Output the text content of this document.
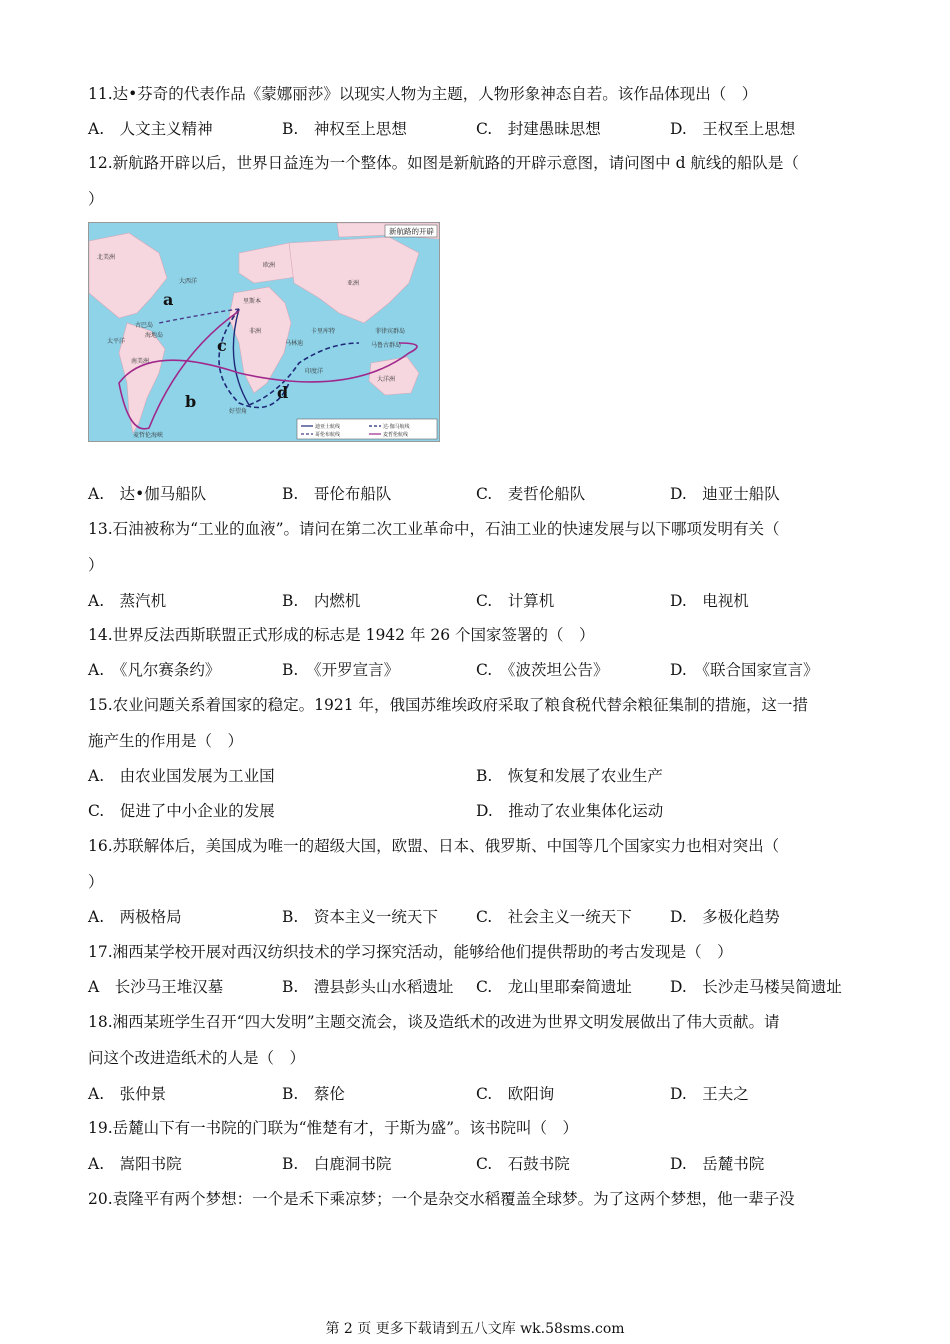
11.达•芬奇的代表作品《蒙娜丽莎》以现实人物为主题，人物形象神态自若。该作品体现出（　）
A.　人文主义精神	B.　神权至上思想	C.　封建愚昧思想	D.　王权至上思想
12.新航路开辟以后，世界日益连为一个整体。如图是新航路的开辟示意图，请问图中 d 航线的船队是（
）
a
b
c
d
北美洲
欧洲
亚洲
非洲
南美洲
大洋洲
大西洋
太平洋
印度洋
古巴岛
海地岛
好望角
马林迪
卡里库特	菲律宾群岛
马鲁古群岛
麦哲伦海峡
里斯本
新航路的开辟
迪亚士航线	达·伽马航线
哥伦布航线	麦哲伦航线
A.　达•伽马船队	B.　哥伦布船队	C.　麦哲伦船队	D.　迪亚士船队
13.石油被称为“工业的血液”。请问在第二次工业革命中，石油工业的快速发展与以下哪项发明有关（
）
A.　蒸汽机	B.　内燃机	C.　计算机	D.　电视机
14.世界反法西斯联盟正式形成的标志是 1942 年 26 个国家签署的（　）
A.　《凡尔赛条约》	B.　《开罗宣言》	C.　《波茨坦公告》	D.　《联合国家宣言》
15.农业问题关系着国家的稳定。1921 年，俄国苏维埃政府采取了粮食税代替余粮征集制的措施，这一措
施产生的作用是（　）
A.　由农业国发展为工业国	B.　恢复和发展了农业生产
C.　促进了中小企业的发展	D.　推动了农业集体化运动
16.苏联解体后，美国成为唯一的超级大国，欧盟、日本、俄罗斯、中国等几个国家实力也相对突出（
）
A.　两极格局	B.　资本主义一统天下 C.　社会主义一统天下 D.　多极化趋势
17.湘西某学校开展对西汉纺织技术的学习探究活动，能够给他们提供帮助的考古发现是（　）
A　长沙马王堆汉墓	B.　澧县彭头山水稻遗址 C.　龙山里耶秦简遗址 D.　长沙走马楼吴简遗址
18.湘西某班学生召开“四大发明”主题交流会，谈及造纸术的改进为世界文明发展做出了伟大贡献。请
问这个改进造纸术的人是（　）
A.　张仲景	B.　蔡伦	C.　欧阳询	D.　王夫之
19.岳麓山下有一书院的门联为“惟楚有才，于斯为盛”。该书院叫（　）
A.　嵩阳书院	B.　白鹿洞书院	C.　石鼓书院	D.　岳麓书院
20.袁隆平有两个梦想：一个是禾下乘凉梦；一个是杂交水稻覆盖全球梦。为了这两个梦想，他一辈子没
第 2 页 更多下载请到五八文库 wk.58sms.com
